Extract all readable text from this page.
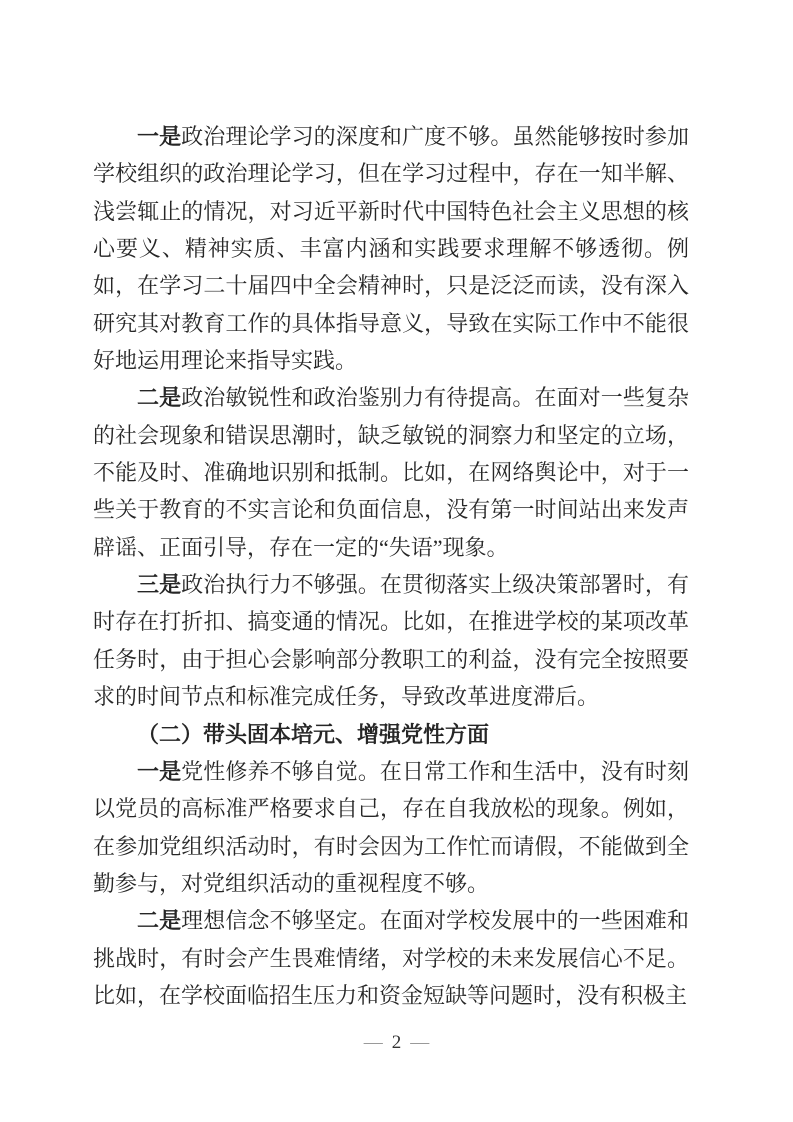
一是政治理论学习的深度和广度不够。虽然能够按时参加学校组织的政治理论学习，但在学习过程中，存在一知半解、浅尝辄止的情况，对习近平新时代中国特色社会主义思想的核心要义、精神实质、丰富内涵和实践要求理解不够透彻。例如，在学习二十届四中全会精神时，只是泛泛而读，没有深入研究其对教育工作的具体指导意义，导致在实际工作中不能很好地运用理论来指导实践。

二是政治敏锐性和政治鉴别力有待提高。在面对一些复杂的社会现象和错误思潮时，缺乏敏锐的洞察力和坚定的立场，不能及时、准确地识别和抵制。比如，在网络舆论中，对于一些关于教育的不实言论和负面信息，没有第一时间站出来发声辟谣、正面引导，存在一定的“失语”现象。

三是政治执行力不够强。在贯彻落实上级决策部署时，有时存在打折扣、搞变通的情况。比如，在推进学校的某项改革任务时，由于担心会影响部分教职工的利益，没有完全按照要求的时间节点和标准完成任务，导致改革进度滞后。

（二）带头固本培元、增强党性方面

一是党性修养不够自觉。在日常工作和生活中，没有时刻以党员的高标准严格要求自己，存在自我放松的现象。例如，在参加党组织活动时，有时会因为工作忙而请假，不能做到全勤参与，对党组织活动的重视程度不够。

二是理想信念不够坚定。在面对学校发展中的一些困难和挑战时，有时会产生畏难情绪，对学校的未来发展信心不足。比如，在学校面临招生压力和资金短缺等问题时，没有积极主

— 2 —
